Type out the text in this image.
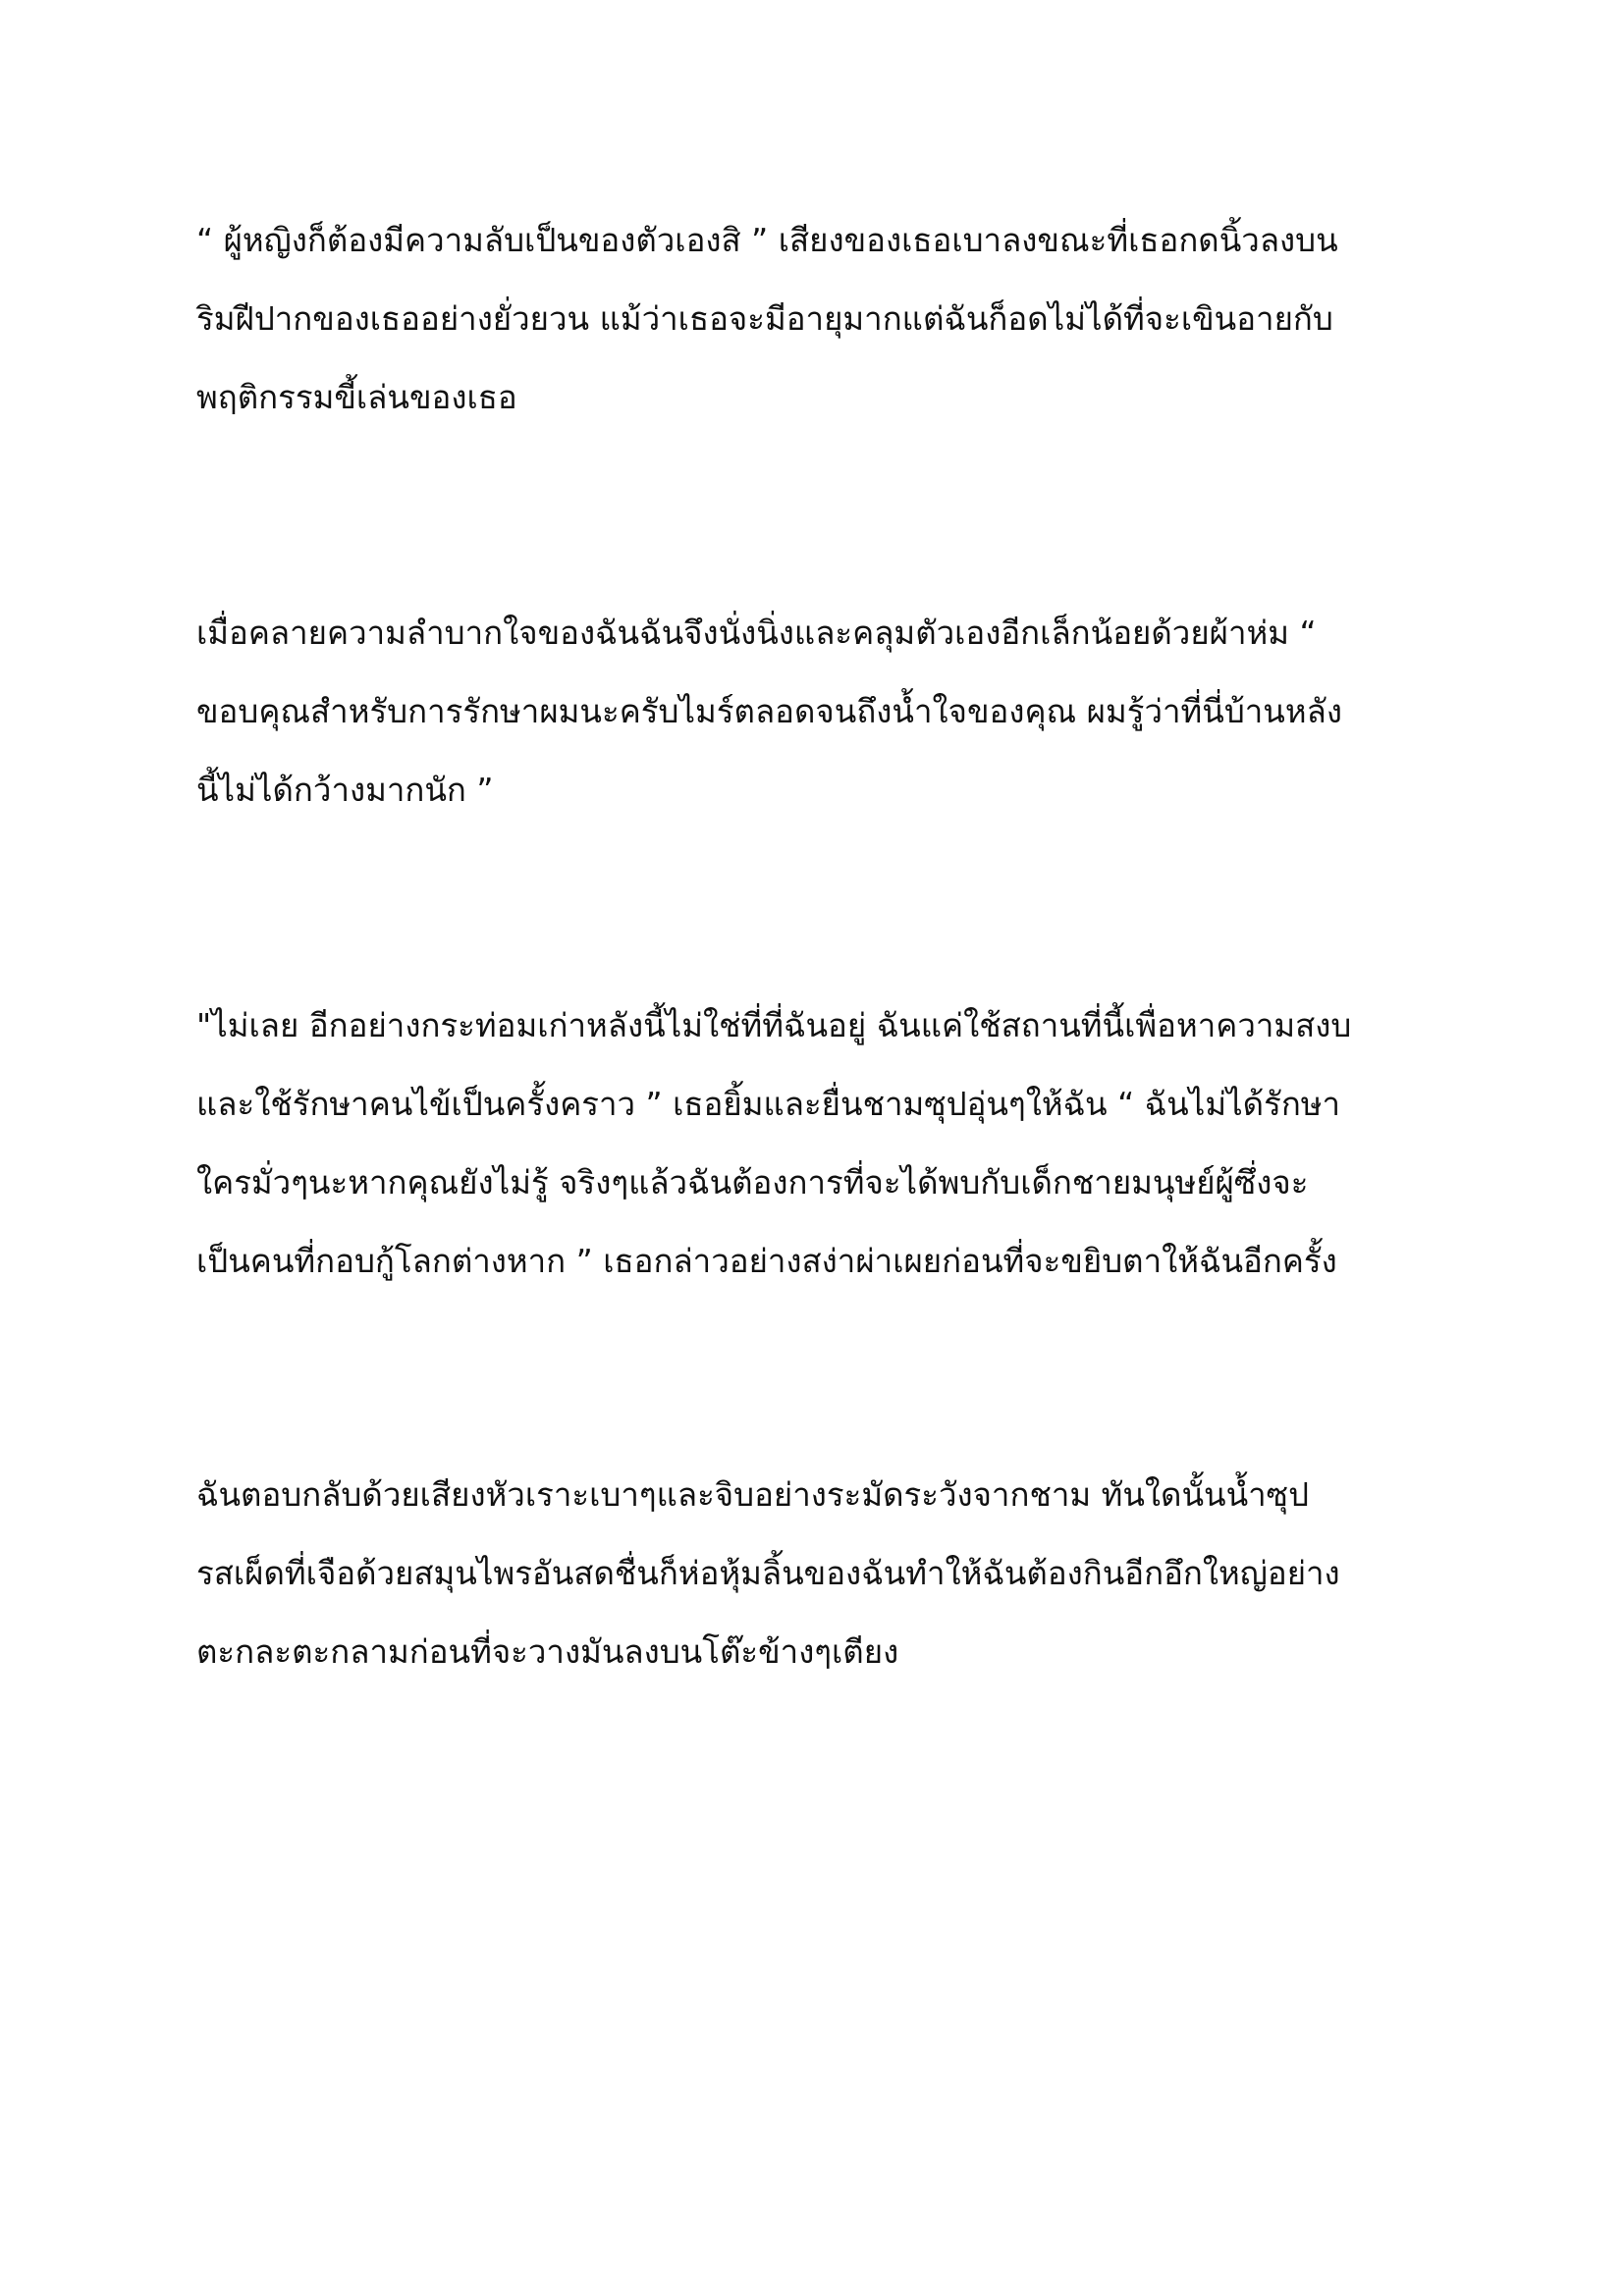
“ ผู้หญิงก็ต้องมีความลับเป็นของตัวเองสิ ” เสียงของเธอเบาลงขณะที่เธอกดนิ้วลงบน
ริมฝีปากของเธออย่างยั่วยวน แม้ว่าเธอจะมีอายุมากแต่ฉันก็อดไม่ได้ที่จะเขินอายกับ
พฤติกรรมขี้เล่นของเธอ
เมื่อคลายความลำบากใจของฉันฉันจึงนั่งนิ่งและคลุมตัวเองอีกเล็กน้อยด้วยผ้าห่ม “
ขอบคุณสำหรับการรักษาผมนะครับไมร์ตลอดจนถึงน้ำใจของคุณ ผมรู้ว่าที่นี่บ้านหลัง
นี้ไม่ได้กว้างมากนัก ”
"ไม่เลย อีกอย่างกระท่อมเก่าหลังนี้ไม่ใช่ที่ที่ฉันอยู่ ฉันแค่ใช้สถานที่นี้เพื่อหาความสงบ
และใช้รักษาคนไข้เป็นครั้งคราว ” เธอยิ้มและยื่นชามซุปอุ่นๆให้ฉัน “ ฉันไม่ได้รักษา
ใครมั่วๆนะหากคุณยังไม่รู้ จริงๆแล้วฉันต้องการที่จะได้พบกับเด็กชายมนุษย์ผู้ซึ่งจะ
เป็นคนที่กอบกู้โลกต่างหาก ” เธอกล่าวอย่างสง่าผ่าเผยก่อนที่จะขยิบตาให้ฉันอีกครั้ง
ฉันตอบกลับด้วยเสียงหัวเราะเบาๆและจิบอย่างระมัดระวังจากชาม ทันใดนั้นน้ำซุป
รสเผ็ดที่เจือด้วยสมุนไพรอันสดชื่นก็ห่อหุ้มลิ้นของฉันทำให้ฉันต้องกินอีกอึกใหญ่อย่าง
ตะกละตะกลามก่อนที่จะวางมันลงบนโต๊ะข้างๆเตียง
